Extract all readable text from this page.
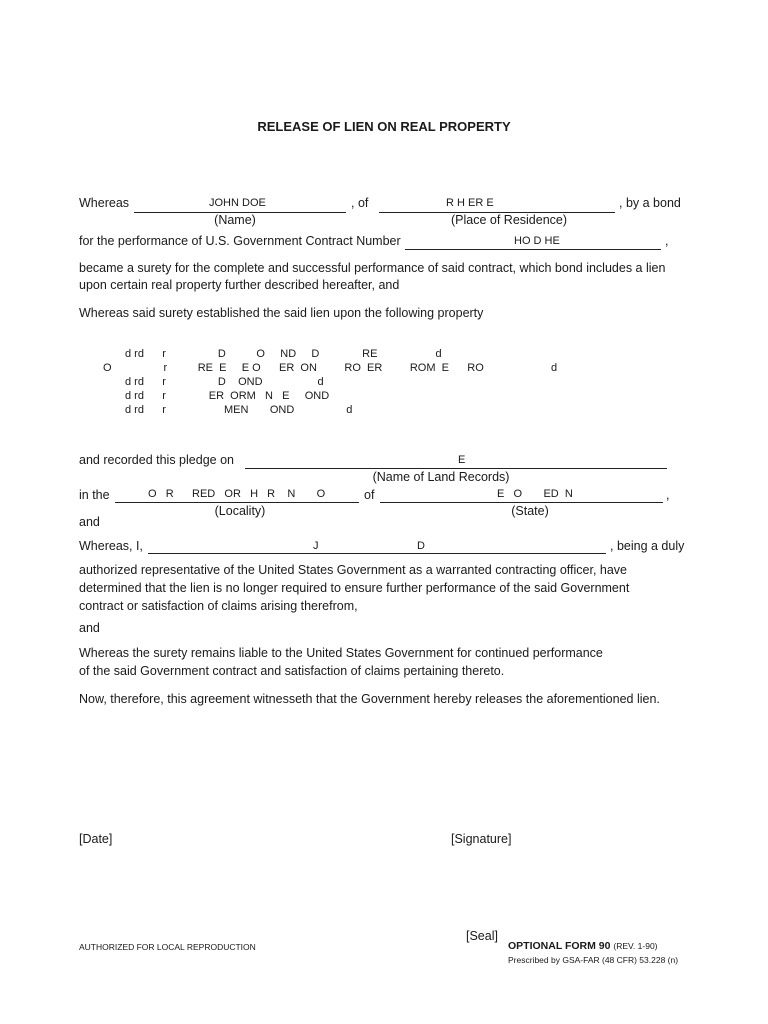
RELEASE OF LIEN ON REAL PROPERTY
Whereas	JOHN DOE	, of	R H ER E	, by a bond
(Name)	(Place of Residence)
for the performance of U.S. Government Contract Number	HO D HE	,
became a surety for the complete and successful performance of said contract, which bond includes a lien
upon certain real property further described hereafter, and
Whereas said surety established the said lien upon the following property
d rd      r                 D          O     ND     D              RE                   d
O                 r          RE  E     E O      ER  ON         RO  ER         ROM  E      RO                      d
d rd      r                 D    OND                  d
d rd      r              ER  ORM   N   E     OND
d rd      r                   MEN       OND                 d
and recorded this pledge on	E
(Name of Land Records)
in the	O   R      RED   OR   H   R    N       O	of	E   O       ED  N	,
(Locality)	(State)
and
Whereas, I,	J	D	, being a duly
authorized representative of the United States Government as a warranted contracting officer, have
determined that the lien is no longer required to ensure further performance of the said Government
contract or satisfaction of claims arising therefrom,
and
Whereas the surety remains liable to the United States Government for continued performance
of the said Government contract and satisfaction of claims pertaining thereto.
Now, therefore, this agreement witnesseth that the Government hereby releases the aforementioned lien.
[Date]	[Signature]
[Seal]
AUTHORIZED FOR LOCAL REPRODUCTION	OPTIONAL FORM 90 (REV. 1-90)
Prescribed by GSA-FAR (48 CFR) 53.228 (n)
